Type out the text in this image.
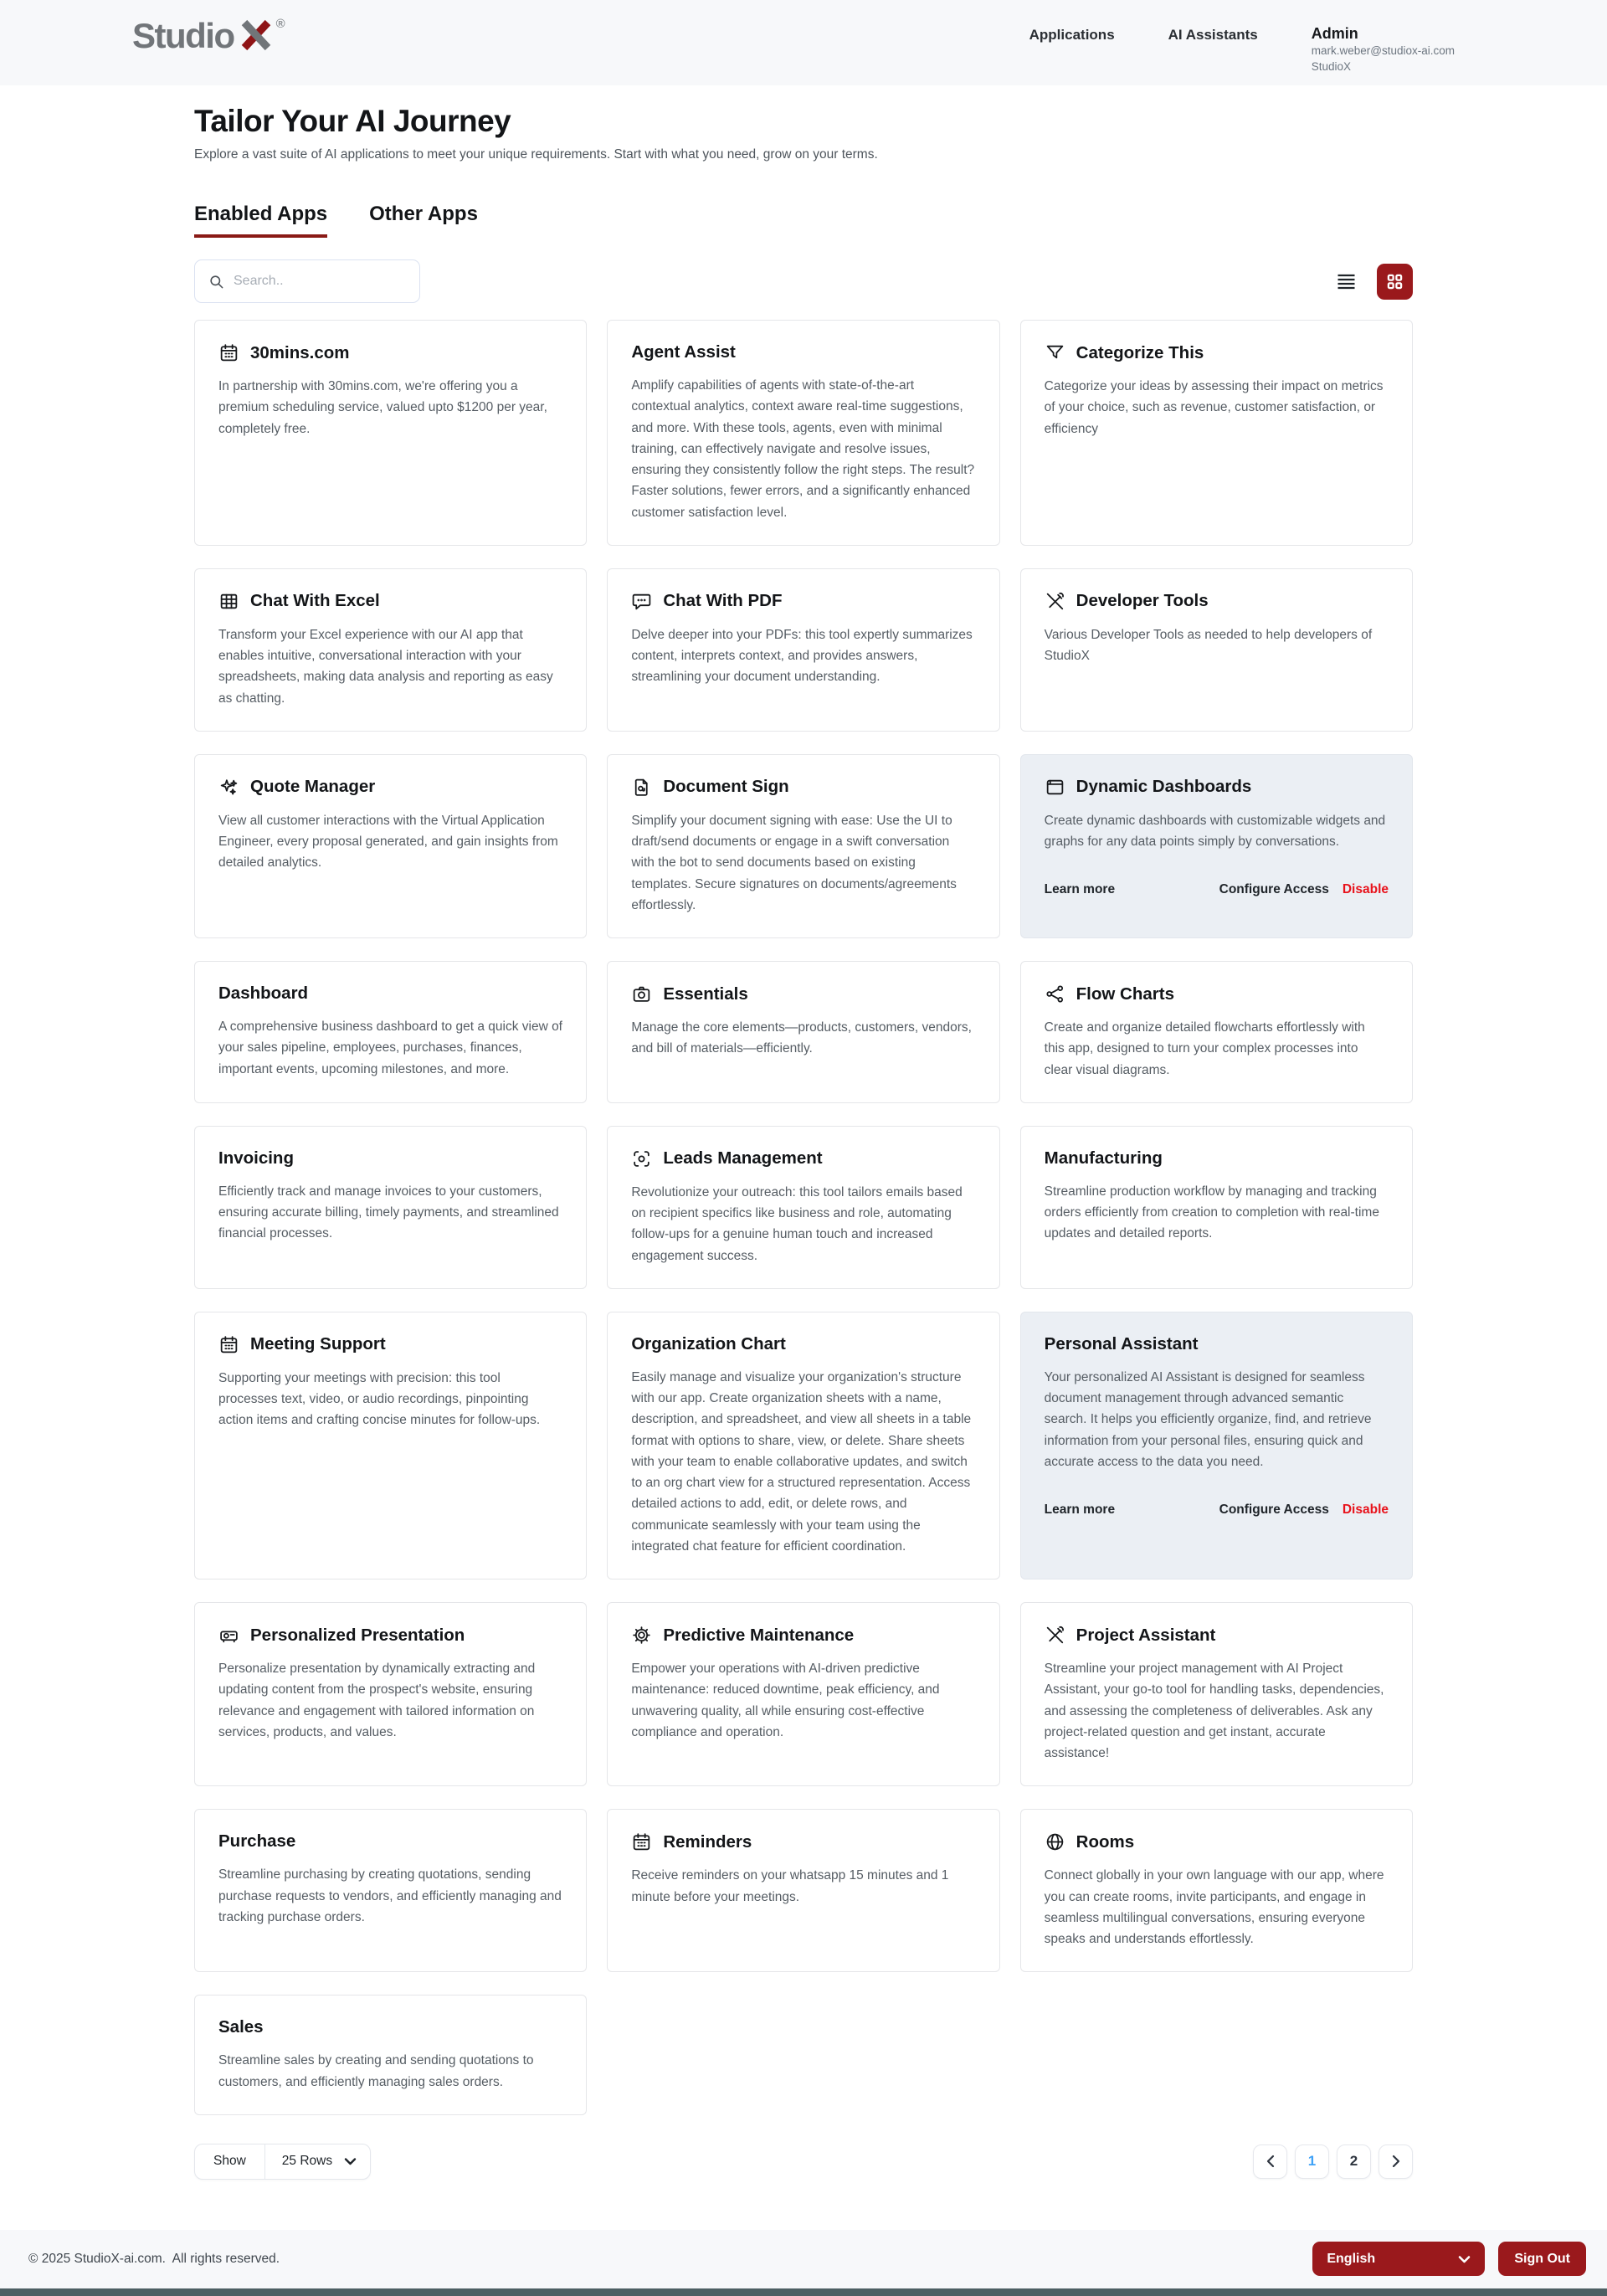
Studio	®
Applications	AI Assistants	Admin
mark.weber@studiox-ai.com
StudioX
Tailor Your AI Journey

Explore a vast suite of AI applications to meet your unique requirements. Start with what you need, grow on your terms.

Enabled Apps Other Apps
Search..
30mins.com

In partnership with 30mins.com, we're offering you a premium scheduling service, valued upto $1200 per year, completely free.

Agent Assist

Amplify capabilities of agents with state-of-the-art contextual analytics, context aware real-time suggestions, and more. With these tools, agents, even with minimal training, can effectively navigate and resolve issues, ensuring they consistently follow the right steps. The result? Faster solutions, fewer errors, and a significantly enhanced customer satisfaction level.

Categorize This

Categorize your ideas by assessing their impact on metrics of your choice, such as revenue, customer satisfaction, or efficiency

Chat With Excel

Transform your Excel experience with our AI app that enables intuitive, conversational interaction with your spreadsheets, making data analysis and reporting as easy as chatting.

Chat With PDF

Delve deeper into your PDFs: this tool expertly summarizes content, interprets context, and provides answers, streamlining your document understanding.

Developer Tools

Various Developer Tools as needed to help developers of StudioX

Quote Manager

View all customer interactions with the Virtual Application Engineer, every proposal generated, and gain insights from detailed analytics.

Document Sign

Simplify your document signing with ease: Use the UI to draft/send documents or engage in a swift conversation with the bot to send documents based on existing templates. Secure signatures on documents/agreements effortlessly.

Dynamic Dashboards

Create dynamic dashboards with customizable widgets and graphs for any data points simply by conversations.

Learn more	Configure Access Disable
Dashboard

A comprehensive business dashboard to get a quick view of your sales pipeline, employees, purchases, finances, important events, upcoming milestones, and more.

Essentials

Manage the core elements—products, customers, vendors, and bill of materials—efficiently.

Flow Charts

Create and organize detailed flowcharts effortlessly with this app, designed to turn your complex processes into clear visual diagrams.

Invoicing

Efficiently track and manage invoices to your customers, ensuring accurate billing, timely payments, and streamlined financial processes.

Leads Management

Revolutionize your outreach: this tool tailors emails based on recipient specifics like business and role, automating follow-ups for a genuine human touch and increased engagement success.

Manufacturing

Streamline production workflow by managing and tracking orders efficiently from creation to completion with real-time updates and detailed reports.

Meeting Support

Supporting your meetings with precision: this tool processes text, video, or audio recordings, pinpointing action items and crafting concise minutes for follow-ups.

Organization Chart

Easily manage and visualize your organization's structure with our app. Create organization sheets with a name, description, and spreadsheet, and view all sheets in a table format with options to share, view, or delete. Share sheets with your team to enable collaborative updates, and switch to an org chart view for a structured representation. Access detailed actions to add, edit, or delete rows, and communicate seamlessly with your team using the integrated chat feature for efficient coordination.

Personal Assistant

Your personalized AI Assistant is designed for seamless document management through advanced semantic search. It helps you efficiently organize, find, and retrieve information from your personal files, ensuring quick and accurate access to the data you need.

Learn more	Configure Access Disable
Personalized Presentation

Personalize presentation by dynamically extracting and updating content from the prospect's website, ensuring relevance and engagement with tailored information on services, products, and values.

Predictive Maintenance

Empower your operations with AI-driven predictive maintenance: reduced downtime, peak efficiency, and unwavering quality, all while ensuring cost-effective compliance and operation.

Project Assistant

Streamline your project management with AI Project Assistant, your go-to tool for handling tasks, dependencies, and assessing the completeness of deliverables. Ask any project-related question and get instant, accurate assistance!

Purchase

Streamline purchasing by creating quotations, sending purchase requests to vendors, and efficiently managing and tracking purchase orders.

Reminders

Receive reminders on your whatsapp 15 minutes and 1 minute before your meetings.

Rooms

Connect globally in your own language with our app, where you can create rooms, invite participants, and engage in seamless multilingual conversations, ensuring everyone speaks and understands effortlessly.

Sales

Streamline sales by creating and sending quotations to customers, and efficiently managing sales orders.

Show	25 Rows	1	2
© 2025 StudioX-ai.com.  All rights reserved.	English	Sign Out
